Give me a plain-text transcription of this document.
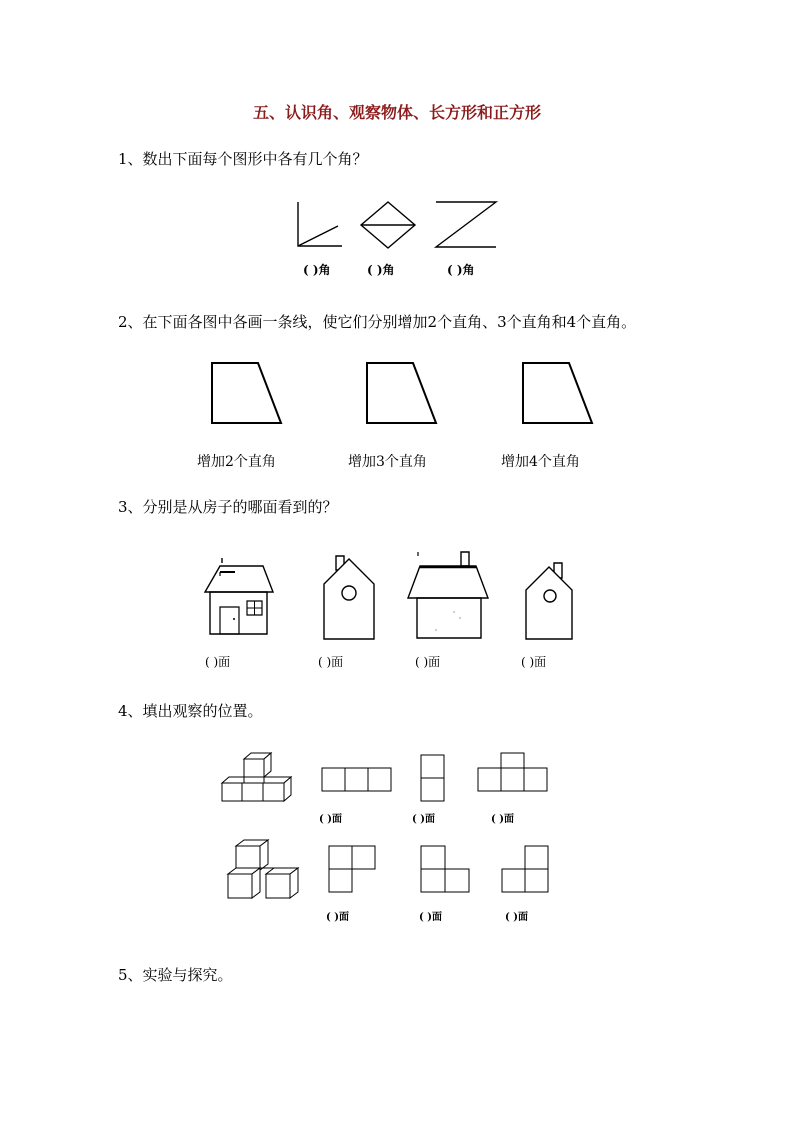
五、认识角、观察物体、长方形和正方形
1、数出下面每个图形中各有几个角？
( )角	( )角	( )角
2、在下面各图中各画一条线，使它们分别增加2个直角、3个直角和4个直角。
增加2个直角	增加3个直角	增加4个直角
3、分别是从房子的哪面看到的？
( )面	( )面	( )面	( )面
4、填出观察的位置。
( )面	( )面	( )面
( )面	( )面	( )面
5、实验与探究。
